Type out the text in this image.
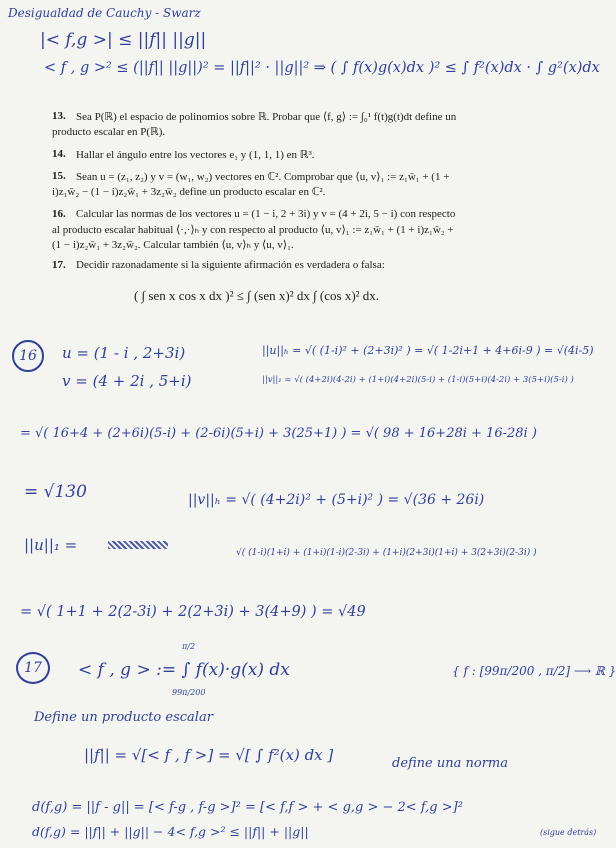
Desigualdad de Cauchy - Swarz
|< f,g >| ≤ ||f|| ||g||
< f , g >² ≤ (||f|| ||g||)² = ||f||² · ||g||² ⇒ ( ∫ f(x)g(x)dx )² ≤ ∫ f²(x)dx · ∫ g²(x)dx
13. Sea P(ℝ) el espacio de polinomios sobre ℝ. Probar que ⟨f, g⟩ := ∫₀¹ f(t)g(t)dt define un
producto escalar en P(ℝ).
14. Hallar el ángulo entre los vectores e₁ y (1, 1, 1) en ℝ³.
15. Sean u = (z₁, z₂) y v = (w₁, w₂) vectores en ℂ². Comprobar que ⟨u, v⟩₁ := z₁w̄₁ + (1 +
i)z₁w̄₂ − (1 − i)z₂w̄₁ + 3z₂w̄₂ define un producto escalar en ℂ².
16. Calcular las normas de los vectores u = (1 − i, 2 + 3i) y v = (4 + 2i, 5 − i) con respecto
al producto escalar habitual ⟨·,·⟩ₕ y con respecto al producto ⟨u, v⟩₁ := z₁w̄₁ + (1 + i)z₁w̄₂ +
(1 − i)z₂w̄₁ + 3z₂w̄₂. Calcular también ⟨u, v⟩ₕ y ⟨u, v⟩₁.
17. Decidir razonadamente si la siguiente afirmación es verdadera o falsa:
( ∫ sen x cos x dx )² ≤ ∫ (sen x)² dx ∫ (cos x)² dx.
16	u = (1 - i , 2+3i)
v = (4 + 2i , 5+i)
||u||ₕ = √( (1-i)² + (2+3i)² ) = √( 1-2i+1 + 4+6i-9 ) = √(4i-5)
||v||₁ = √( (4+2i)(4-2i) + (1+i)(4+2i)(5-i) + (1-i)(5+i)(4-2i) + 3(5+i)(5-i) )
= √( 16+4 + (2+6i)(5-i) + (2-6i)(5+i) + 3(25+1) ) = √( 98 + 16+28i + 16-28i )
= √130	||v||ₕ = √( (4+2i)² + (5+i)² ) = √(36 + 26i)
||u||₁ =	√( (1-i)(1+i) + (1+i)(1-i)(2-3i) + (1+i)(2+3i)(1+i) + 3(2+3i)(2-3i) )
= √( 1+1 + 2(2-3i) + 2(2+3i) + 3(4+9) ) = √49
17	< f , g > := ∫ f(x)·g(x) dx
π/2
99π/200
{ f : [99π/200 , π/2] ⟶ ℝ }
Define un producto escalar
||f|| = √[< f , f >] = √[ ∫ f²(x) dx ]	define una norma
d(f,g) = ||f - g|| = [< f-g , f-g >]² = [< f,f > + < g,g > − 2< f,g >]²
d(f,g) = ||f|| + ||g|| − 4< f,g >² ≤ ||f|| + ||g||	(sigue detrás)
